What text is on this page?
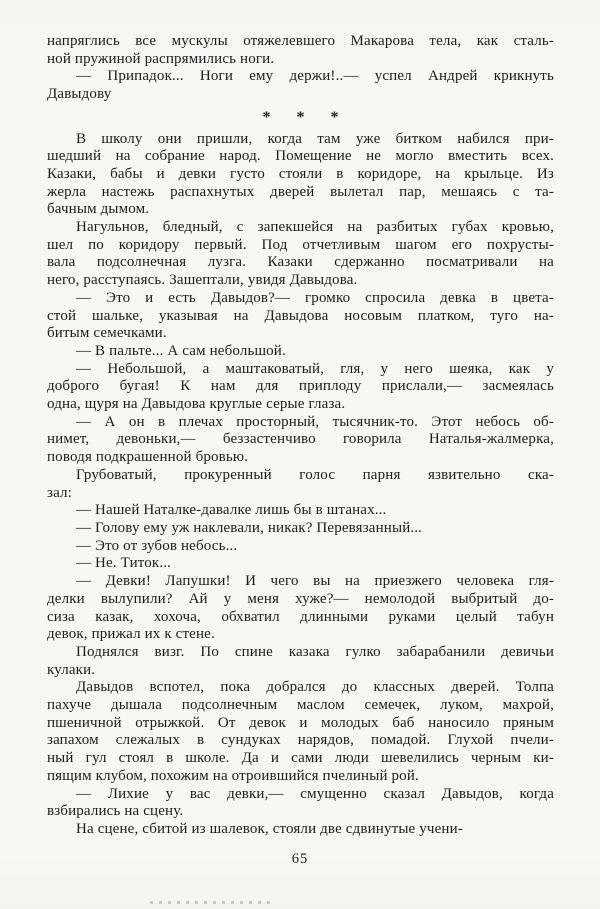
напряглись все мускулы отяжелевшего Макарова тела, как сталь-
ной пружиной распрямились ноги.
— Припадок... Ноги ему держи!..— успел Андрей крикнуть
Давыдову
* * *
В школу они пришли, когда там уже битком набился при-
шедший на собрание народ. Помещение не могло вместить всех.
Казаки, бабы и девки густо стояли в коридоре, на крыльце. Из
жерла настежь распахнутых дверей вылетал пар, мешаясь с та-
бачным дымом.
Нагульнов, бледный, с запекшейся на разбитых губах кровью,
шел по коридору первый. Под отчетливым шагом его похрусты-
вала подсолнечная лузга. Казаки сдержанно посматривали на
него, расступаясь. Зашептали, увидя Давыдова.
— Это и есть Давыдов?— громко спросила девка в цвета-
стой шальке, указывая на Давыдова носовым платком, туго на-
битым семечками.
— В пальте... А сам небольшой.
— Небольшой, а маштаковатый, гля, у него шеяка, как у
доброго бугая! К нам для приплоду прислали,— засмеялась
одна, щуря на Давыдова круглые серые глаза.
— А он в плечах просторный, тысячник-то. Этот небось об-
нимет, девоньки,— беззастенчиво говорила Наталья-жалмерка,
поводя подкрашенной бровью.
Грубоватый, прокуренный голос парня язвительно ска-
зал:
— Нашей Наталке-давалке лишь бы в штанах...
— Голову ему уж наклевали, никак? Перевязанный...
— Это от зубов небось...
— Не. Титок...
— Девки! Лапушки! И чего вы на приезжего человека гля-
делки вылупили? Ай у меня хуже?— немолодой выбритый до-
сиза казак, хохоча, обхватил длинными руками целый табун
девок, прижал их к стене.
Поднялся визг. По спине казака гулко забарабанили девичьи
кулаки.
Давыдов вспотел, пока добрался до классных дверей. Толпа
пахуче дышала подсолнечным маслом семечек, луком, махрой,
пшеничной отрыжкой. От девок и молодых баб наносило пряным
запахом слежалых в сундуках нарядов, помадой. Глухой пчели-
ный гул стоял в школе. Да и сами люди шевелились черным ки-
пящим клубом, похожим на отроившийся пчелиный рой.
— Лихие у вас девки,— смущенно сказал Давыдов, когда
взбирались на сцену.
На сцене, сбитой из шалевок, стояли две сдвинутые учени-
65
